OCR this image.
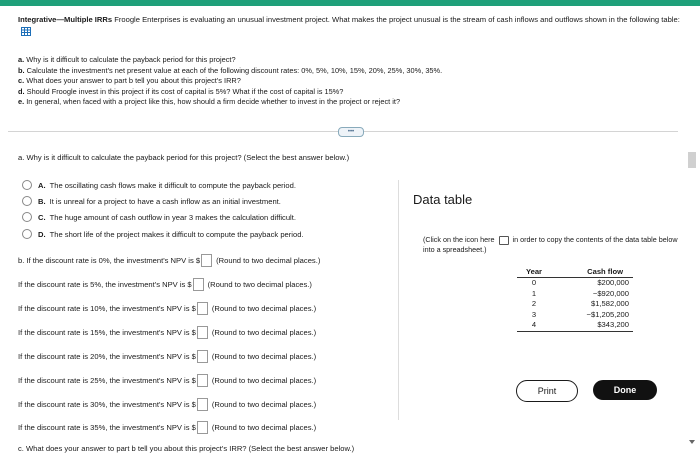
Integrative—Multiple IRRs Froogle Enterprises is evaluating an unusual investment project. What makes the project unusual is the stream of cash inflows and outflows shown in the following table:
a. Why is it difficult to calculate the payback period for this project?
b. Calculate the investment's net present value at each of the following discount rates: 0%, 5%, 10%, 15%, 20%, 25%, 30%, 35%.
c. What does your answer to part b tell you about this project's IRR?
d. Should Froogle invest in this project if its cost of capital is 5%? What if the cost of capital is 15%?
e. In general, when faced with a project like this, how should a firm decide whether to invest in the project or reject it?
•••
a. Why is it difficult to calculate the payback period for this project? (Select the best answer below.)
A. The oscillating cash flows make it difficult to compute the payback period.
B. It is unreal for a project to have a cash inflow as an initial investment.
C. The huge amount of cash outflow in year 3 makes the calculation difficult.
D. The short life of the project makes it difficult to compute the payback period.
b. If the discount rate is 0%, the investment's NPV is $ (Round to two decimal places.)
If the discount rate is 5%, the investment's NPV is $ (Round to two decimal places.)
If the discount rate is 10%, the investment's NPV is $ (Round to two decimal places.)
If the discount rate is 15%, the investment's NPV is $ (Round to two decimal places.)
If the discount rate is 20%, the investment's NPV is $ (Round to two decimal places.)
If the discount rate is 25%, the investment's NPV is $ (Round to two decimal places.)
If the discount rate is 30%, the investment's NPV is $ (Round to two decimal places.)
If the discount rate is 35%, the investment's NPV is $ (Round to two decimal places.)
c. What does your answer to part b tell you about this project's IRR? (Select the best answer below.)
Data table
(Click on the icon here	in order to copy the contents of the data table below
into a spreadsheet.)
Year	Cash flow
0	$200,000
1	−$920,000
2	$1,582,000
3	−$1,205,200
4	$343,200
Print	Done
